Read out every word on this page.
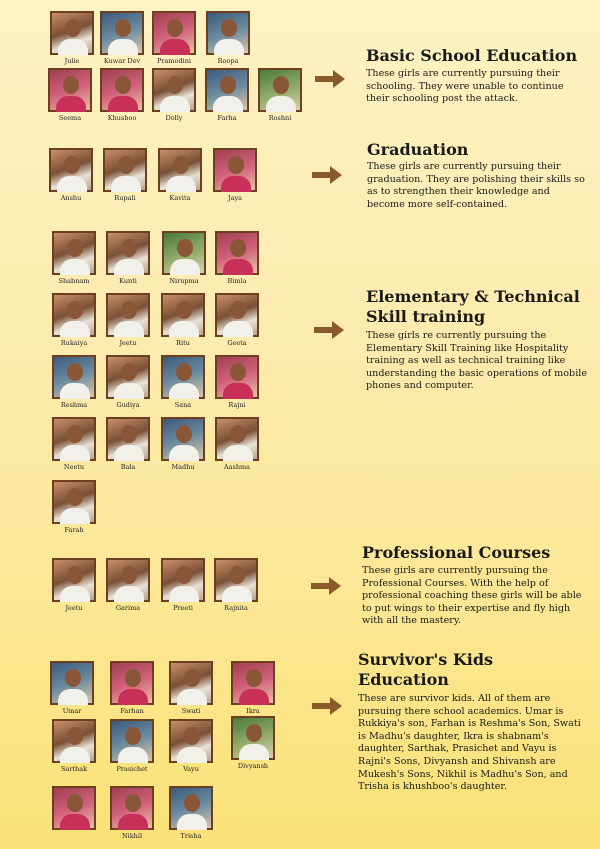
Julie	Kuwar Dev	Pramodini	Roopa
Seema	Khusboo	Dolly	Farha	Roshni
Basic School Education

These girls are currently pursuing their schooling. They were unable to continue their schooling post the attack.

Anshu	Rupali	Kavita	Jaya
Graduation

These girls are currently pursuing their graduation. They are polishing their skills so as to strengthen their knowledge and become more self-contained.

Shabnam	Kunti	Nirupma	Bimla
Rukaiya	Jeetu	Ritu	Geeta
Reshma	Gudiya	Sana	Rajni
Neetu	Bala	Madhu	Aashma
Farah
Elementary & Technical Skill training

These girls re currently pursuing the Elementary Skill Training like Hospitality training as well as technical training like understanding the basic operations of mobile phones and computer.

Jeetu	Garima	Preeti	Rajnita
Professional Courses

These girls are currently pursuing the Professional Courses. With the help of professional coaching these girls will be able to put wings to their expertise and fly high with all the mastery.

Umar	Farhan	Swati	Ikra
Sarthak	Prasichet	Vayu	Divyansh
Nikhil	Trisha
Survivor's Kids Education

These are survivor kids. All of them are pursuing there school academics. Umar is Rukkiya's son, Farhan is Reshma's Son, Swati is Madhu's daughter, Ikra is shabnam's daughter, Sarthak, Prasichet and Vayu is Rajni's Sons, Divyansh and Shivansh are Mukesh's Sons, Nikhil is Madhu's Son, and Trisha is khushboo's daughter.
